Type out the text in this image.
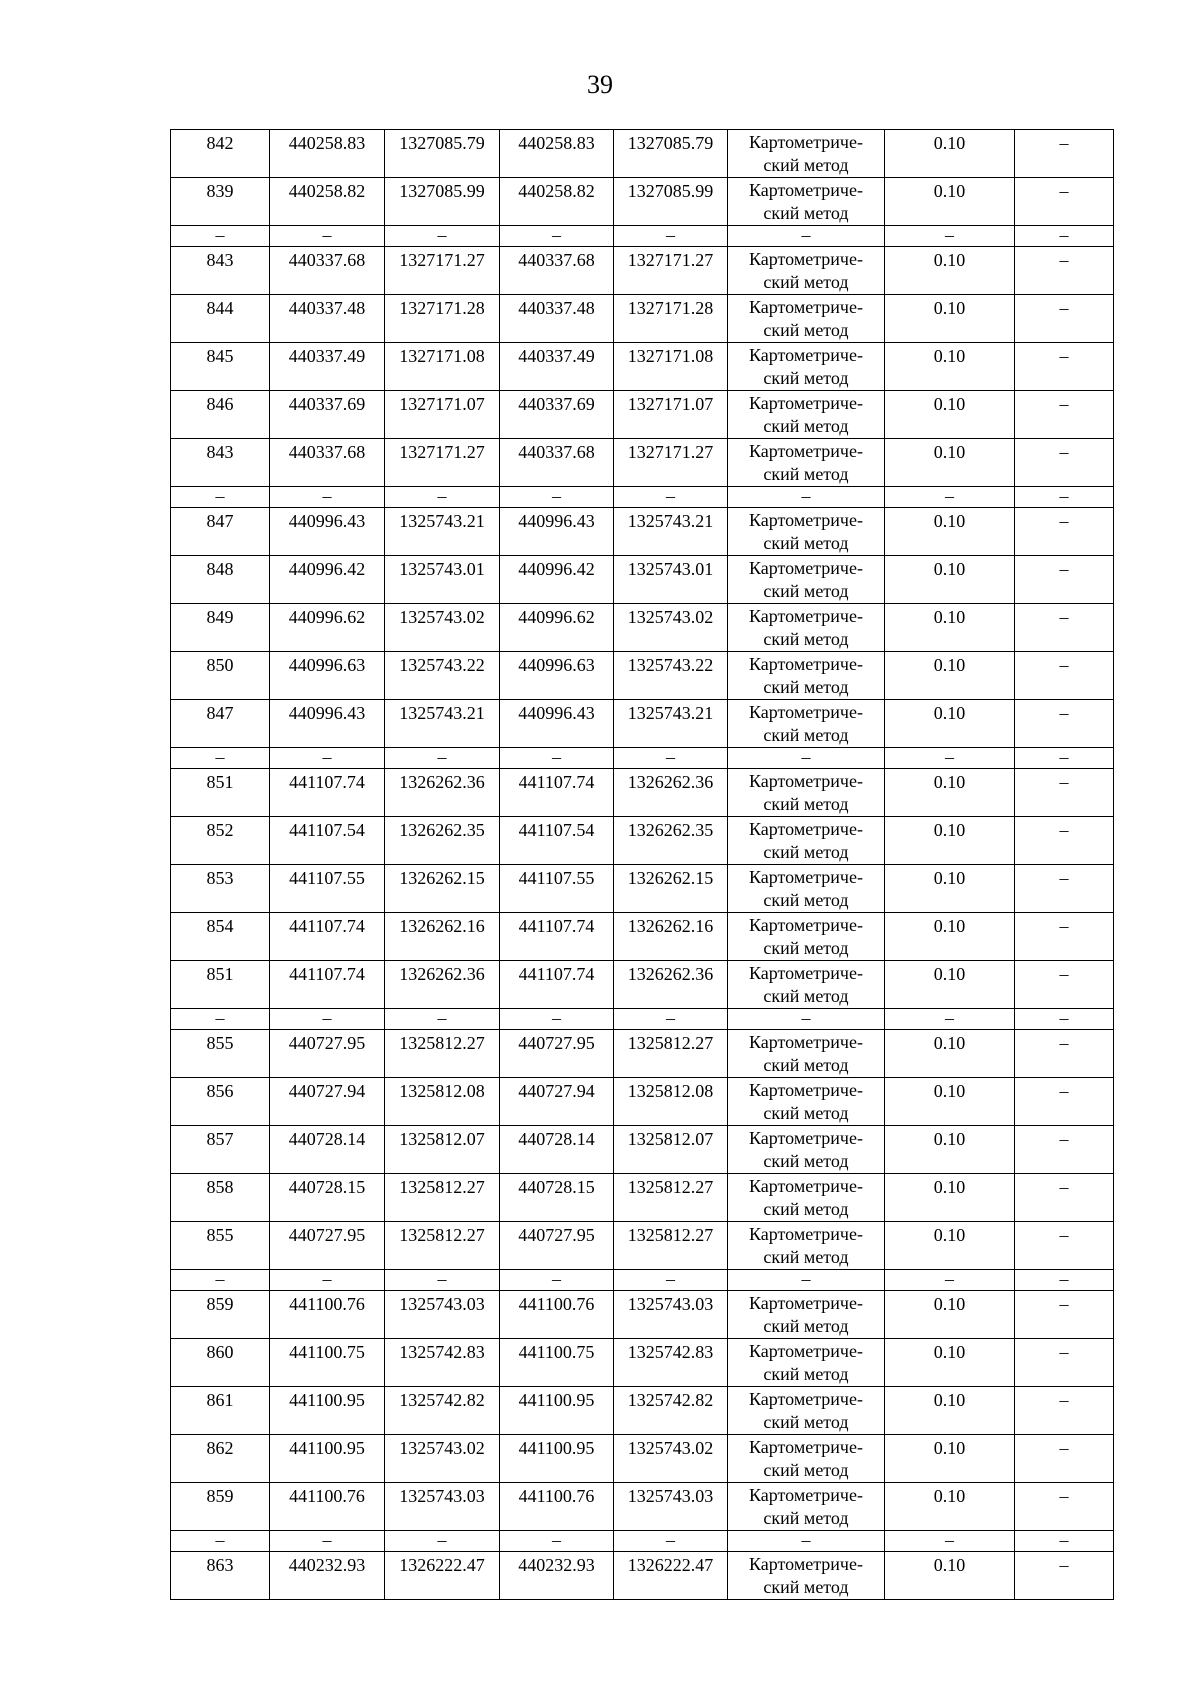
39
842	440258.83	1327085.79	440258.83	1327085.79	Картометриче-
ский метод	0.10	–
839	440258.82	1327085.99	440258.82	1327085.99	Картометриче-
ский метод	0.10	–
–	–	–	–	–	–	–	–
843	440337.68	1327171.27	440337.68	1327171.27	Картометриче-
ский метод	0.10	–
844	440337.48	1327171.28	440337.48	1327171.28	Картометриче-
ский метод	0.10	–
845	440337.49	1327171.08	440337.49	1327171.08	Картометриче-
ский метод	0.10	–
846	440337.69	1327171.07	440337.69	1327171.07	Картометриче-
ский метод	0.10	–
843	440337.68	1327171.27	440337.68	1327171.27	Картометриче-
ский метод	0.10	–
–	–	–	–	–	–	–	–
847	440996.43	1325743.21	440996.43	1325743.21	Картометриче-
ский метод	0.10	–
848	440996.42	1325743.01	440996.42	1325743.01	Картометриче-
ский метод	0.10	–
849	440996.62	1325743.02	440996.62	1325743.02	Картометриче-
ский метод	0.10	–
850	440996.63	1325743.22	440996.63	1325743.22	Картометриче-
ский метод	0.10	–
847	440996.43	1325743.21	440996.43	1325743.21	Картометриче-
ский метод	0.10	–
–	–	–	–	–	–	–	–
851	441107.74	1326262.36	441107.74	1326262.36	Картометриче-
ский метод	0.10	–
852	441107.54	1326262.35	441107.54	1326262.35	Картометриче-
ский метод	0.10	–
853	441107.55	1326262.15	441107.55	1326262.15	Картометриче-
ский метод	0.10	–
854	441107.74	1326262.16	441107.74	1326262.16	Картометриче-
ский метод	0.10	–
851	441107.74	1326262.36	441107.74	1326262.36	Картометриче-
ский метод	0.10	–
–	–	–	–	–	–	–	–
855	440727.95	1325812.27	440727.95	1325812.27	Картометриче-
ский метод	0.10	–
856	440727.94	1325812.08	440727.94	1325812.08	Картометриче-
ский метод	0.10	–
857	440728.14	1325812.07	440728.14	1325812.07	Картометриче-
ский метод	0.10	–
858	440728.15	1325812.27	440728.15	1325812.27	Картометриче-
ский метод	0.10	–
855	440727.95	1325812.27	440727.95	1325812.27	Картометриче-
ский метод	0.10	–
–	–	–	–	–	–	–	–
859	441100.76	1325743.03	441100.76	1325743.03	Картометриче-
ский метод	0.10	–
860	441100.75	1325742.83	441100.75	1325742.83	Картометриче-
ский метод	0.10	–
861	441100.95	1325742.82	441100.95	1325742.82	Картометриче-
ский метод	0.10	–
862	441100.95	1325743.02	441100.95	1325743.02	Картометриче-
ский метод	0.10	–
859	441100.76	1325743.03	441100.76	1325743.03	Картометриче-
ский метод	0.10	–
–	–	–	–	–	–	–	–
863	440232.93	1326222.47	440232.93	1326222.47	Картометриче-
ский метод	0.10	–
